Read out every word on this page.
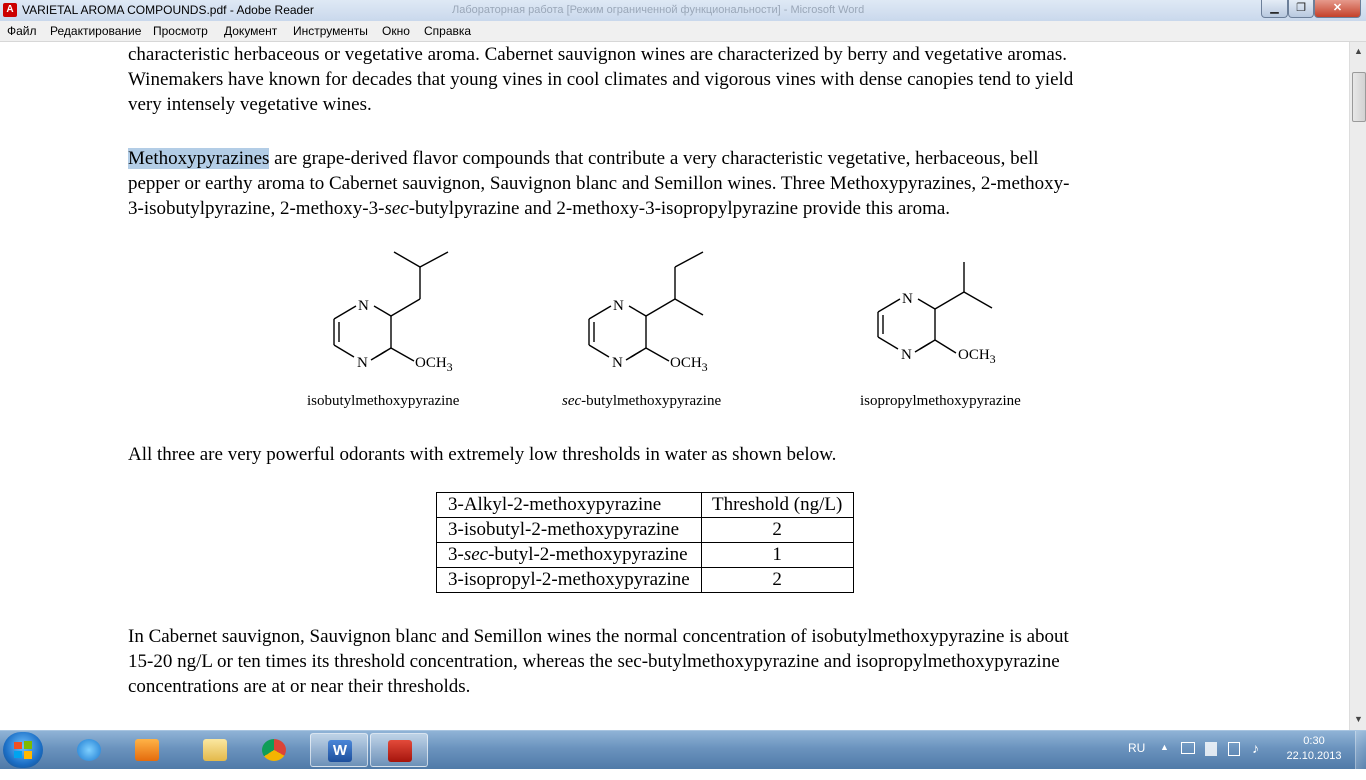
A VARIETAL AROMA COMPOUNDS.pdf - Adobe Reader	Лабораторная работа [Режим ограниченной функциональности] - Microsoft Word	▁	❐	✕
Файл Редактирование Просмотр Документ Инструменты Окно Справка
characteristic herbaceous or vegetative aroma. Cabernet sauvignon wines are characterized by berry and vegetative aromas.
Winemakers have known for decades that young vines in cool climates and vigorous vines with dense canopies tend to yield
very intensely vegetative wines.
Methoxypyrazines are grape-derived flavor compounds that contribute a very characteristic vegetative, herbaceous, bell
pepper or earthy aroma to Cabernet sauvignon, Sauvignon blanc and Semillon wines. Three Methoxypyrazines, 2-methoxy-
3-isobutylpyrazine, 2-methoxy-3-sec-butylpyrazine and 2-methoxy-3-isopropylpyrazine provide this aroma.
N
N	$OCH_3$
isobutylmethoxypyrazine
N
N	$OCH_3$
sec-butylmethoxypyrazine
N
N	$OCH_3$
isopropylmethoxypyrazine
All three are very powerful odorants with extremely low thresholds in water as shown below.
3-Alkyl-2-methoxypyrazine	Threshold (ng/L)
3-isobutyl-2-methoxypyrazine	2
3-sec-butyl-2-methoxypyrazine	1
3-isopropyl-2-methoxypyrazine	2
In Cabernet sauvignon, Sauvignon blanc and Semillon wines the normal concentration of isobutylmethoxypyrazine is about
15-20 ng/L or ten times its threshold concentration, whereas the sec-butylmethoxypyrazine and isopropylmethoxypyrazine
concentrations are at or near their thresholds.
▲
▼
W	RU ▲	♪	0:30
22.10.2013
